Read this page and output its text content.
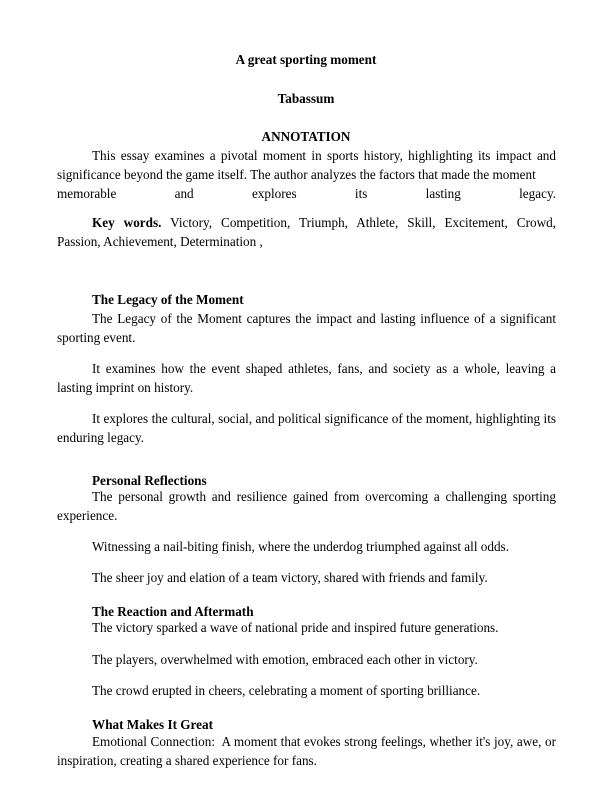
A great sporting moment
Tabassum
ANNOTATION
This essay examines a pivotal moment in sports history, highlighting its impact and significance beyond the game itself. The author analyzes the factors that made the moment
memorable and explores its lasting legacy.
Key words. Victory, Competition, Triumph, Athlete, Skill, Excitement, Crowd, Passion, Achievement, Determination ,
The Legacy of the Moment
The Legacy of the Moment captures the impact and lasting influence of a significant sporting event.
It examines how the event shaped athletes, fans, and society as a whole, leaving a lasting imprint on history.
It explores the cultural, social, and political significance of the moment, highlighting its enduring legacy.
Personal Reflections
The personal growth and resilience gained from overcoming a challenging sporting experience.
Witnessing a nail-biting finish, where the underdog triumphed against all odds.
The sheer joy and elation of a team victory, shared with friends and family.
The Reaction and Aftermath
The victory sparked a wave of national pride and inspired future generations.
The players, overwhelmed with emotion, embraced each other in victory.
The crowd erupted in cheers, celebrating a moment of sporting brilliance.
What Makes It Great
Emotional Connection:  A moment that evokes strong feelings, whether it's joy, awe, or inspiration, creating a shared experience for fans.
